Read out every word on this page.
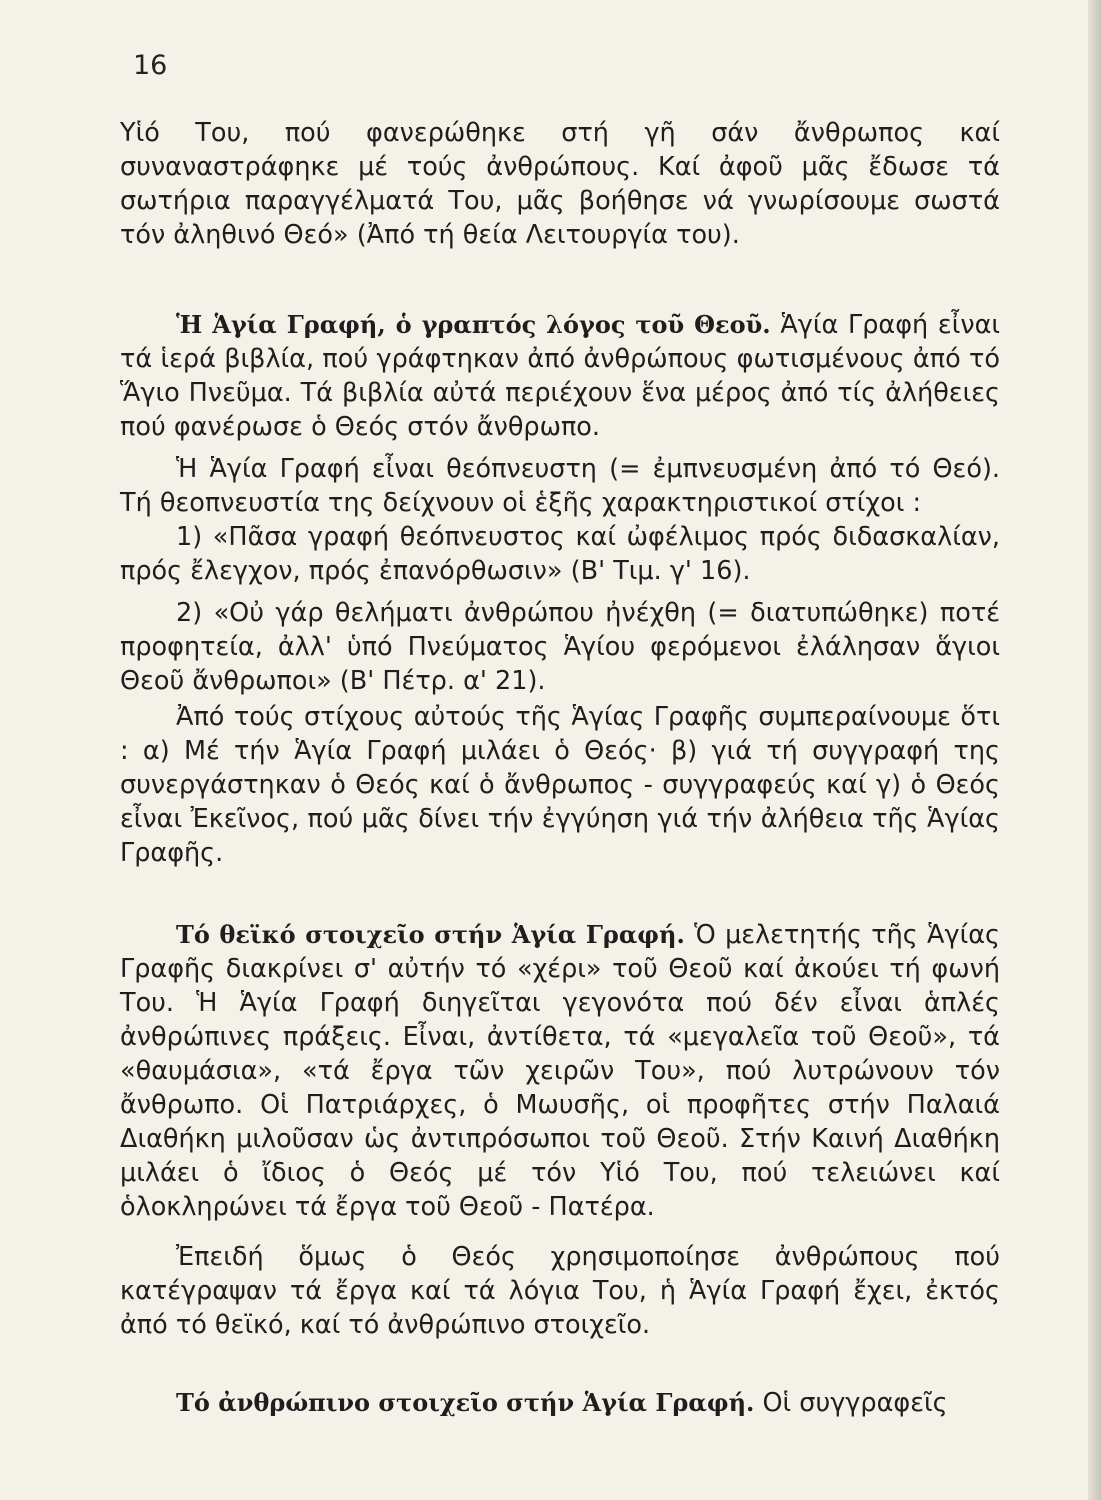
16

Υἱό Του, πού φανερώθηκε στή γῆ σάν ἄνθρωπος καί συναναστράφηκε μέ τούς ἀνθρώπους. Καί ἀφοῦ μᾶς ἔδωσε τά σωτήρια παραγγέλματά Του, μᾶς βοήθησε νά γνωρίσουμε σωστά τόν ἀληθινό Θεό» (Ἀπό τή θεία Λειτουργία του).

Ἡ Ἁγία Γραφή, ὁ γραπτός λόγος τοῦ Θεοῦ. Ἁγία Γραφή εἶναι τά ἱερά βιβλία, πού γράφτηκαν ἀπό ἀνθρώπους φωτισμένους ἀπό τό Ἅγιο Πνεῦμα. Τά βιβλία αὐτά περιέχουν ἕνα μέρος ἀπό τίς ἀλήθειες πού φανέρωσε ὁ Θεός στόν ἄνθρωπο.

Ἡ Ἁγία Γραφή εἶναι θεόπνευστη (= ἐμπνευσμένη ἀπό τό Θεό). Τή θεοπνευστία της δείχνουν οἱ ἑξῆς χαρακτηριστικοί στίχοι :

1) «Πᾶσα γραφή θεόπνευστος καί ὠφέλιμος πρός διδασκαλίαν, πρός ἔλεγχον, πρός ἐπανόρθωσιν» (Β' Τιμ. γ' 16).

2) «Οὐ γάρ θελήματι ἀνθρώπου ἠνέχθη (= διατυπώθηκε) ποτέ προφητεία, ἀλλ' ὑπό Πνεύματος Ἁγίου φερόμενοι ἐλάλησαν ἅγιοι Θεοῦ ἄνθρωποι» (Β' Πέτρ. α' 21).

Ἀπό τούς στίχους αὐτούς τῆς Ἁγίας Γραφῆς συμπεραίνουμε ὅτι : α) Μέ τήν Ἁγία Γραφή μιλάει ὁ Θεός· β) γιά τή συγγραφή της συνεργάστηκαν ὁ Θεός καί ὁ ἄνθρωπος - συγγραφεύς καί γ) ὁ Θεός εἶναι Ἐκεῖνος, πού μᾶς δίνει τήν ἐγγύηση γιά τήν ἀλήθεια τῆς Ἁγίας Γραφῆς.

Τό θεϊκό στοιχεῖο στήν Ἁγία Γραφή. Ὁ μελετητής τῆς Ἁγίας Γραφῆς διακρίνει σ' αὐτήν τό «χέρι» τοῦ Θεοῦ καί ἀκούει τή φωνή Του. Ἡ Ἁγία Γραφή διηγεῖται γεγονότα πού δέν εἶναι ἁπλές ἀνθρώπινες πράξεις. Εἶναι, ἀντίθετα, τά «μεγαλεῖα τοῦ Θεοῦ», τά «θαυμάσια», «τά ἔργα τῶν χειρῶν Του», πού λυτρώνουν τόν ἄνθρωπο. Οἱ Πατριάρχες, ὁ Μωυσῆς, οἱ προφῆτες στήν Παλαιά Διαθήκη μιλοῦσαν ὡς ἀντιπρόσωποι τοῦ Θεοῦ. Στήν Καινή Διαθήκη μιλάει ὁ ἴδιος ὁ Θεός μέ τόν Υἱό Του, πού τελειώνει καί ὁλοκληρώνει τά ἔργα τοῦ Θεοῦ - Πατέρα.

Ἐπειδή ὅμως ὁ Θεός χρησιμοποίησε ἀνθρώπους πού κατέγραψαν τά ἔργα καί τά λόγια Του, ἡ Ἁγία Γραφή ἔχει, ἐκτός ἀπό τό θεϊκό, καί τό ἀνθρώπινο στοιχεῖο.

Τό ἀνθρώπινο στοιχεῖο στήν Ἁγία Γραφή. Οἱ συγγραφεῖς
